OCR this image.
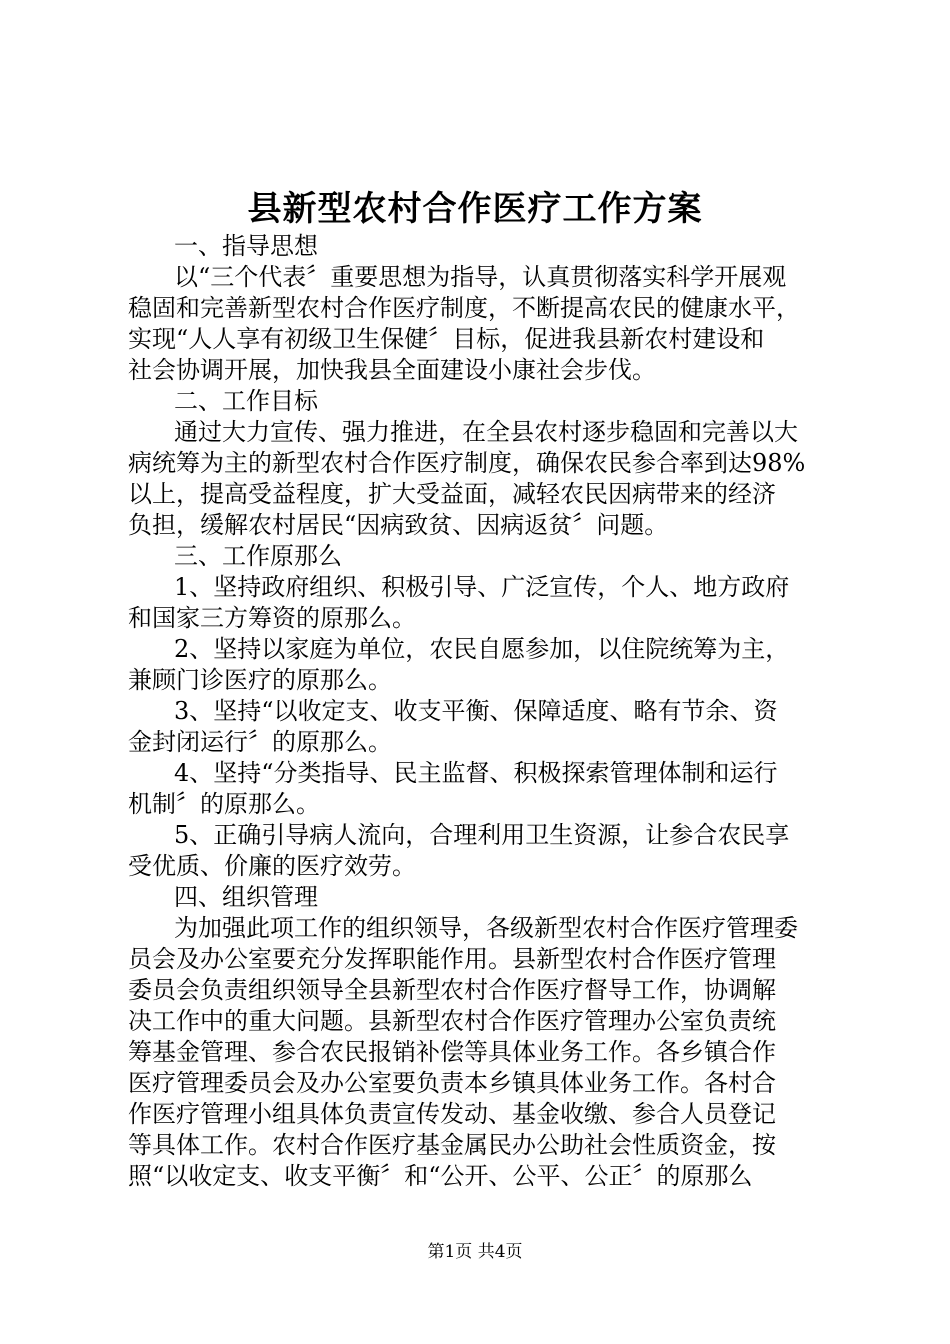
县新型农村合作医疗工作方案
一、指导思想
以“三个代表〞重要思想为指导，认真贯彻落实科学开展观
稳固和完善新型农村合作医疗制度，不断提高农民的健康水平，
实现“人人享有初级卫生保健〞目标，促进我县新农村建设和
社会协调开展，加快我县全面建设小康社会步伐。
二、工作目标
通过大力宣传、强力推进，在全县农村逐步稳固和完善以大
病统筹为主的新型农村合作医疗制度，确保农民参合率到达98%
以上，提高受益程度，扩大受益面，减轻农民因病带来的经济
负担，缓解农村居民“因病致贫、因病返贫〞问题。
三、工作原那么
1、坚持政府组织、积极引导、广泛宣传，个人、地方政府
和国家三方筹资的原那么。
2、坚持以家庭为单位，农民自愿参加，以住院统筹为主，
兼顾门诊医疗的原那么。
3、坚持“以收定支、收支平衡、保障适度、略有节余、资
金封闭运行〞的原那么。
4、坚持“分类指导、民主监督、积极探索管理体制和运行
机制〞的原那么。
5、正确引导病人流向，合理利用卫生资源，让参合农民享
受优质、价廉的医疗效劳。
四、组织管理
为加强此项工作的组织领导，各级新型农村合作医疗管理委
员会及办公室要充分发挥职能作用。县新型农村合作医疗管理
委员会负责组织领导全县新型农村合作医疗督导工作，协调解
决工作中的重大问题。县新型农村合作医疗管理办公室负责统
筹基金管理、参合农民报销补偿等具体业务工作。各乡镇合作
医疗管理委员会及办公室要负责本乡镇具体业务工作。各村合
作医疗管理小组具体负责宣传发动、基金收缴、参合人员登记
等具体工作。农村合作医疗基金属民办公助社会性质资金，按
照“以收定支、收支平衡〞和“公开、公平、公正〞的原那么
第1页 共4页
